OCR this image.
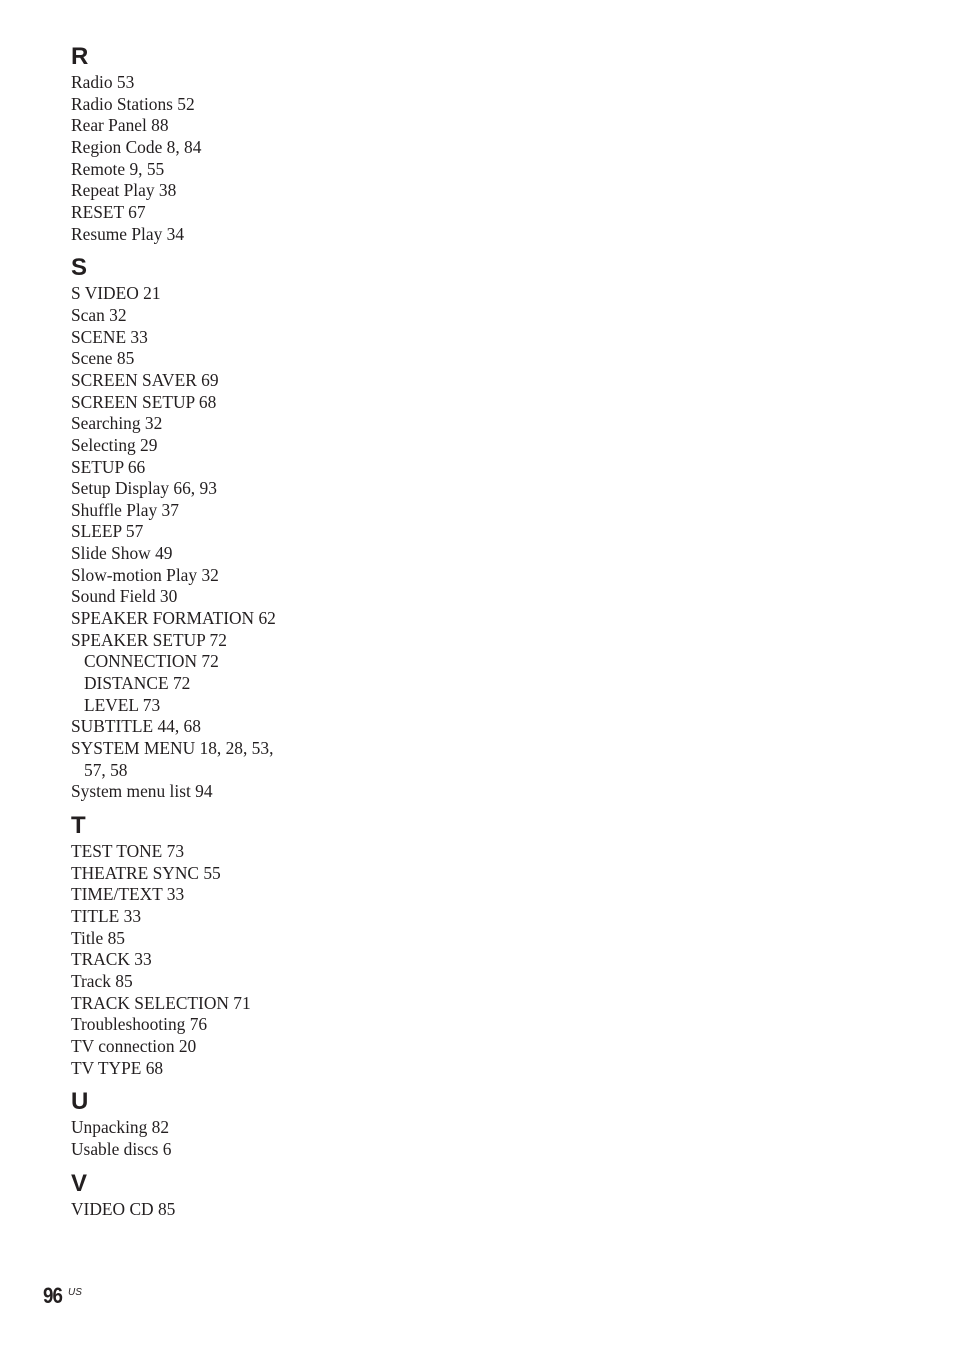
R
Radio 53
Radio Stations 52
Rear Panel 88
Region Code 8, 84
Remote 9, 55
Repeat Play 38
RESET 67
Resume Play 34
S
S VIDEO 21
Scan 32
SCENE 33
Scene 85
SCREEN SAVER 69
SCREEN SETUP 68
Searching 32
Selecting 29
SETUP 66
Setup Display 66, 93
Shuffle Play 37
SLEEP 57
Slide Show 49
Slow-motion Play 32
Sound Field 30
SPEAKER FORMATION 62
SPEAKER SETUP 72
CONNECTION 72
DISTANCE 72
LEVEL 73
SUBTITLE 44, 68
SYSTEM MENU 18, 28, 53,
57, 58
System menu list 94
T
TEST TONE 73
THEATRE SYNC 55
TIME/TEXT 33
TITLE 33
Title 85
TRACK 33
Track 85
TRACK SELECTION 71
Troubleshooting 76
TV connection 20
TV TYPE 68
U
Unpacking 82
Usable discs 6
V
VIDEO CD 85
96 US
